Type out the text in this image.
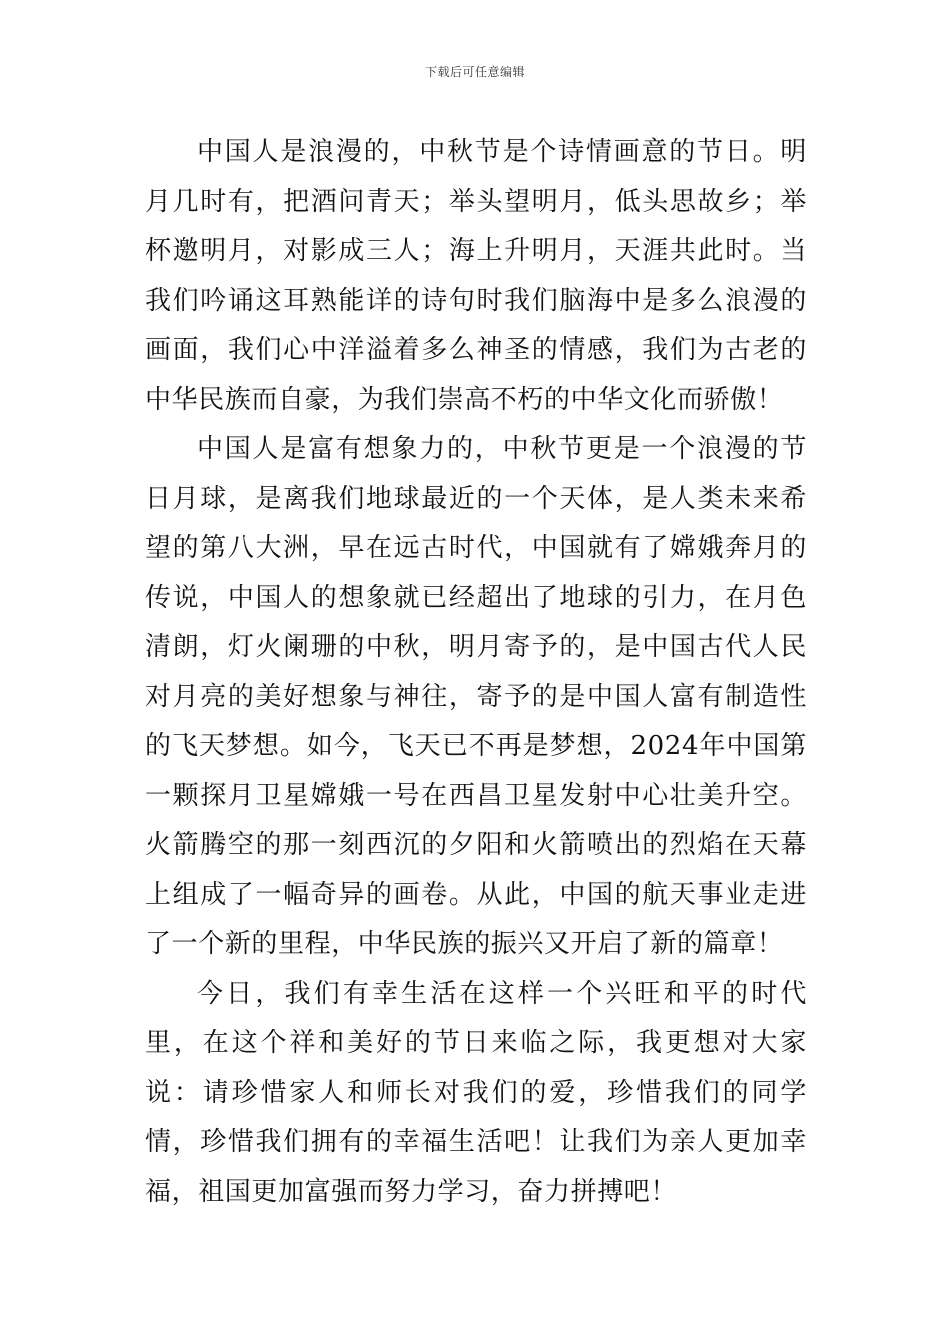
下载后可任意编辑

中国人是浪漫的，中秋节是个诗情画意的节日。明月几时有，把酒问青天；举头望明月，低头思故乡；举杯邀明月，对影成三人；海上升明月，天涯共此时。当我们吟诵这耳熟能详的诗句时我们脑海中是多么浪漫的画面，我们心中洋溢着多么神圣的情感，我们为古老的中华民族而自豪，为我们崇高不朽的中华文化而骄傲！

中国人是富有想象力的，中秋节更是一个浪漫的节日月球，是离我们地球最近的一个天体，是人类未来希望的第八大洲，早在远古时代，中国就有了嫦娥奔月的传说，中国人的想象就已经超出了地球的引力，在月色清朗，灯火阑珊的中秋，明月寄予的，是中国古代人民对月亮的美好想象与神往，寄予的是中国人富有制造性的飞天梦想。如今，飞天已不再是梦想，2024年中国第一颗探月卫星嫦娥一号在西昌卫星发射中心壮美升空。火箭腾空的那一刻西沉的夕阳和火箭喷出的烈焰在天幕上组成了一幅奇异的画卷。从此，中国的航天事业走进了一个新的里程，中华民族的振兴又开启了新的篇章！

今日，我们有幸生活在这样一个兴旺和平的时代里，在这个祥和美好的节日来临之际，我更想对大家说：请珍惜家人和师长对我们的爱，珍惜我们的同学情，珍惜我们拥有的幸福生活吧！让我们为亲人更加幸福，祖国更加富强而努力学习，奋力拼搏吧！
